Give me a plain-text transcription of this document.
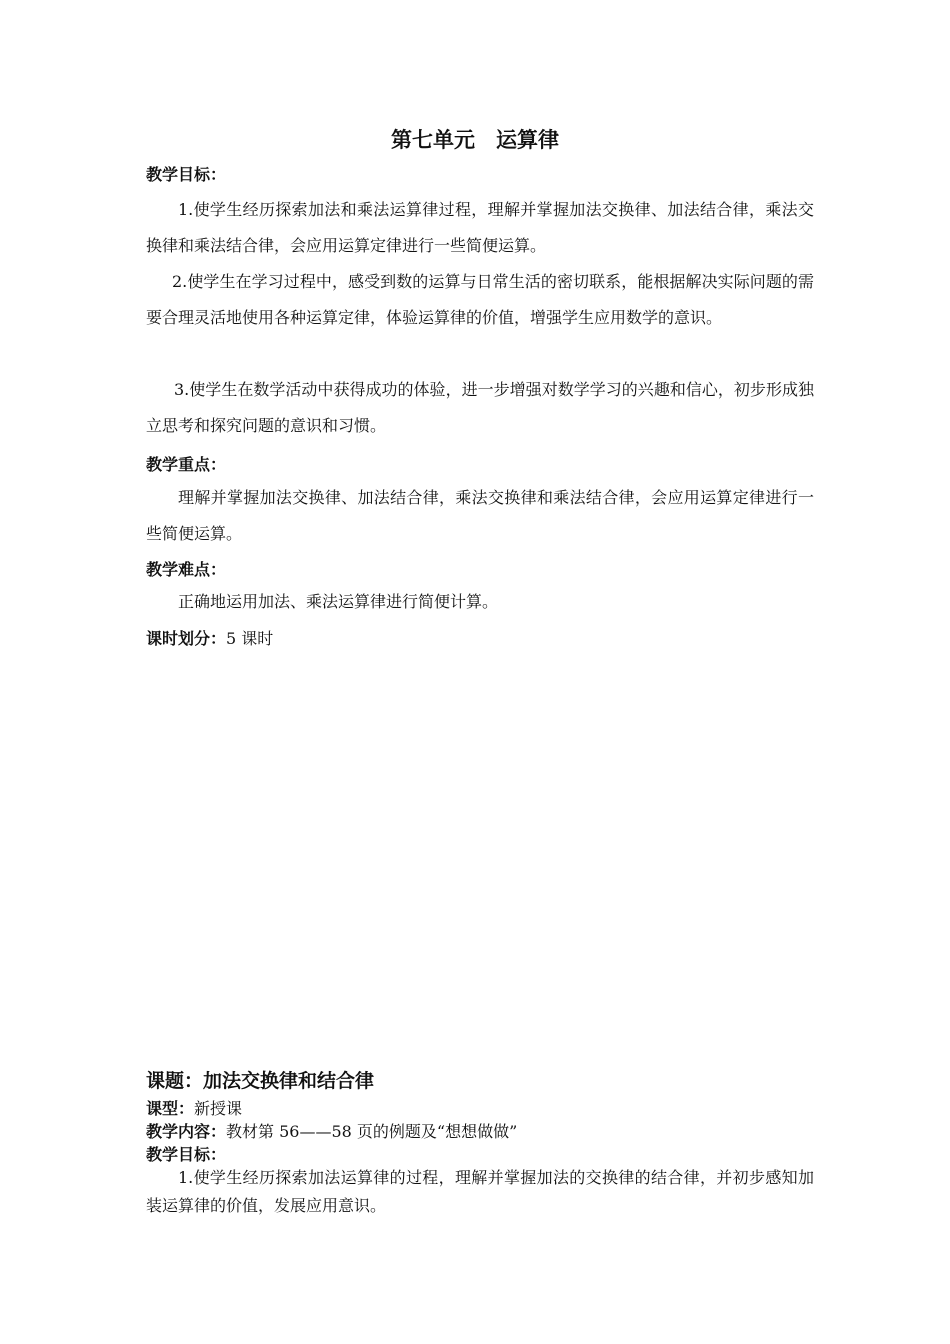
第七单元　运算律
教学目标：

1.使学生经历探索加法和乘法运算律过程，理解并掌握加法交换律、加法结合律，乘法交换律和乘法结合律，会应用运算定律进行一些简便运算。

2.使学生在学习过程中，感受到数的运算与日常生活的密切联系，能根据解决实际问题的需要合理灵活地使用各种运算定律，体验运算律的价值，增强学生应用数学的意识。

3.使学生在数学活动中获得成功的体验，进一步增强对数学学习的兴趣和信心，初步形成独立思考和探究问题的意识和习惯。

教学重点：

理解并掌握加法交换律、加法结合律，乘法交换律和乘法结合律，会应用运算定律进行一些简便运算。

教学难点：

正确地运用加法、乘法运算律进行简便计算。

课时划分：5 课时
课题：加法交换律和结合律
课型：新授课
教学内容：教材第 56——58 页的例题及“想想做做”
教学目标：

1.使学生经历探索加法运算律的过程，理解并掌握加法的交换律的结合律，并初步感知加装运算律的价值，发展应用意识。
